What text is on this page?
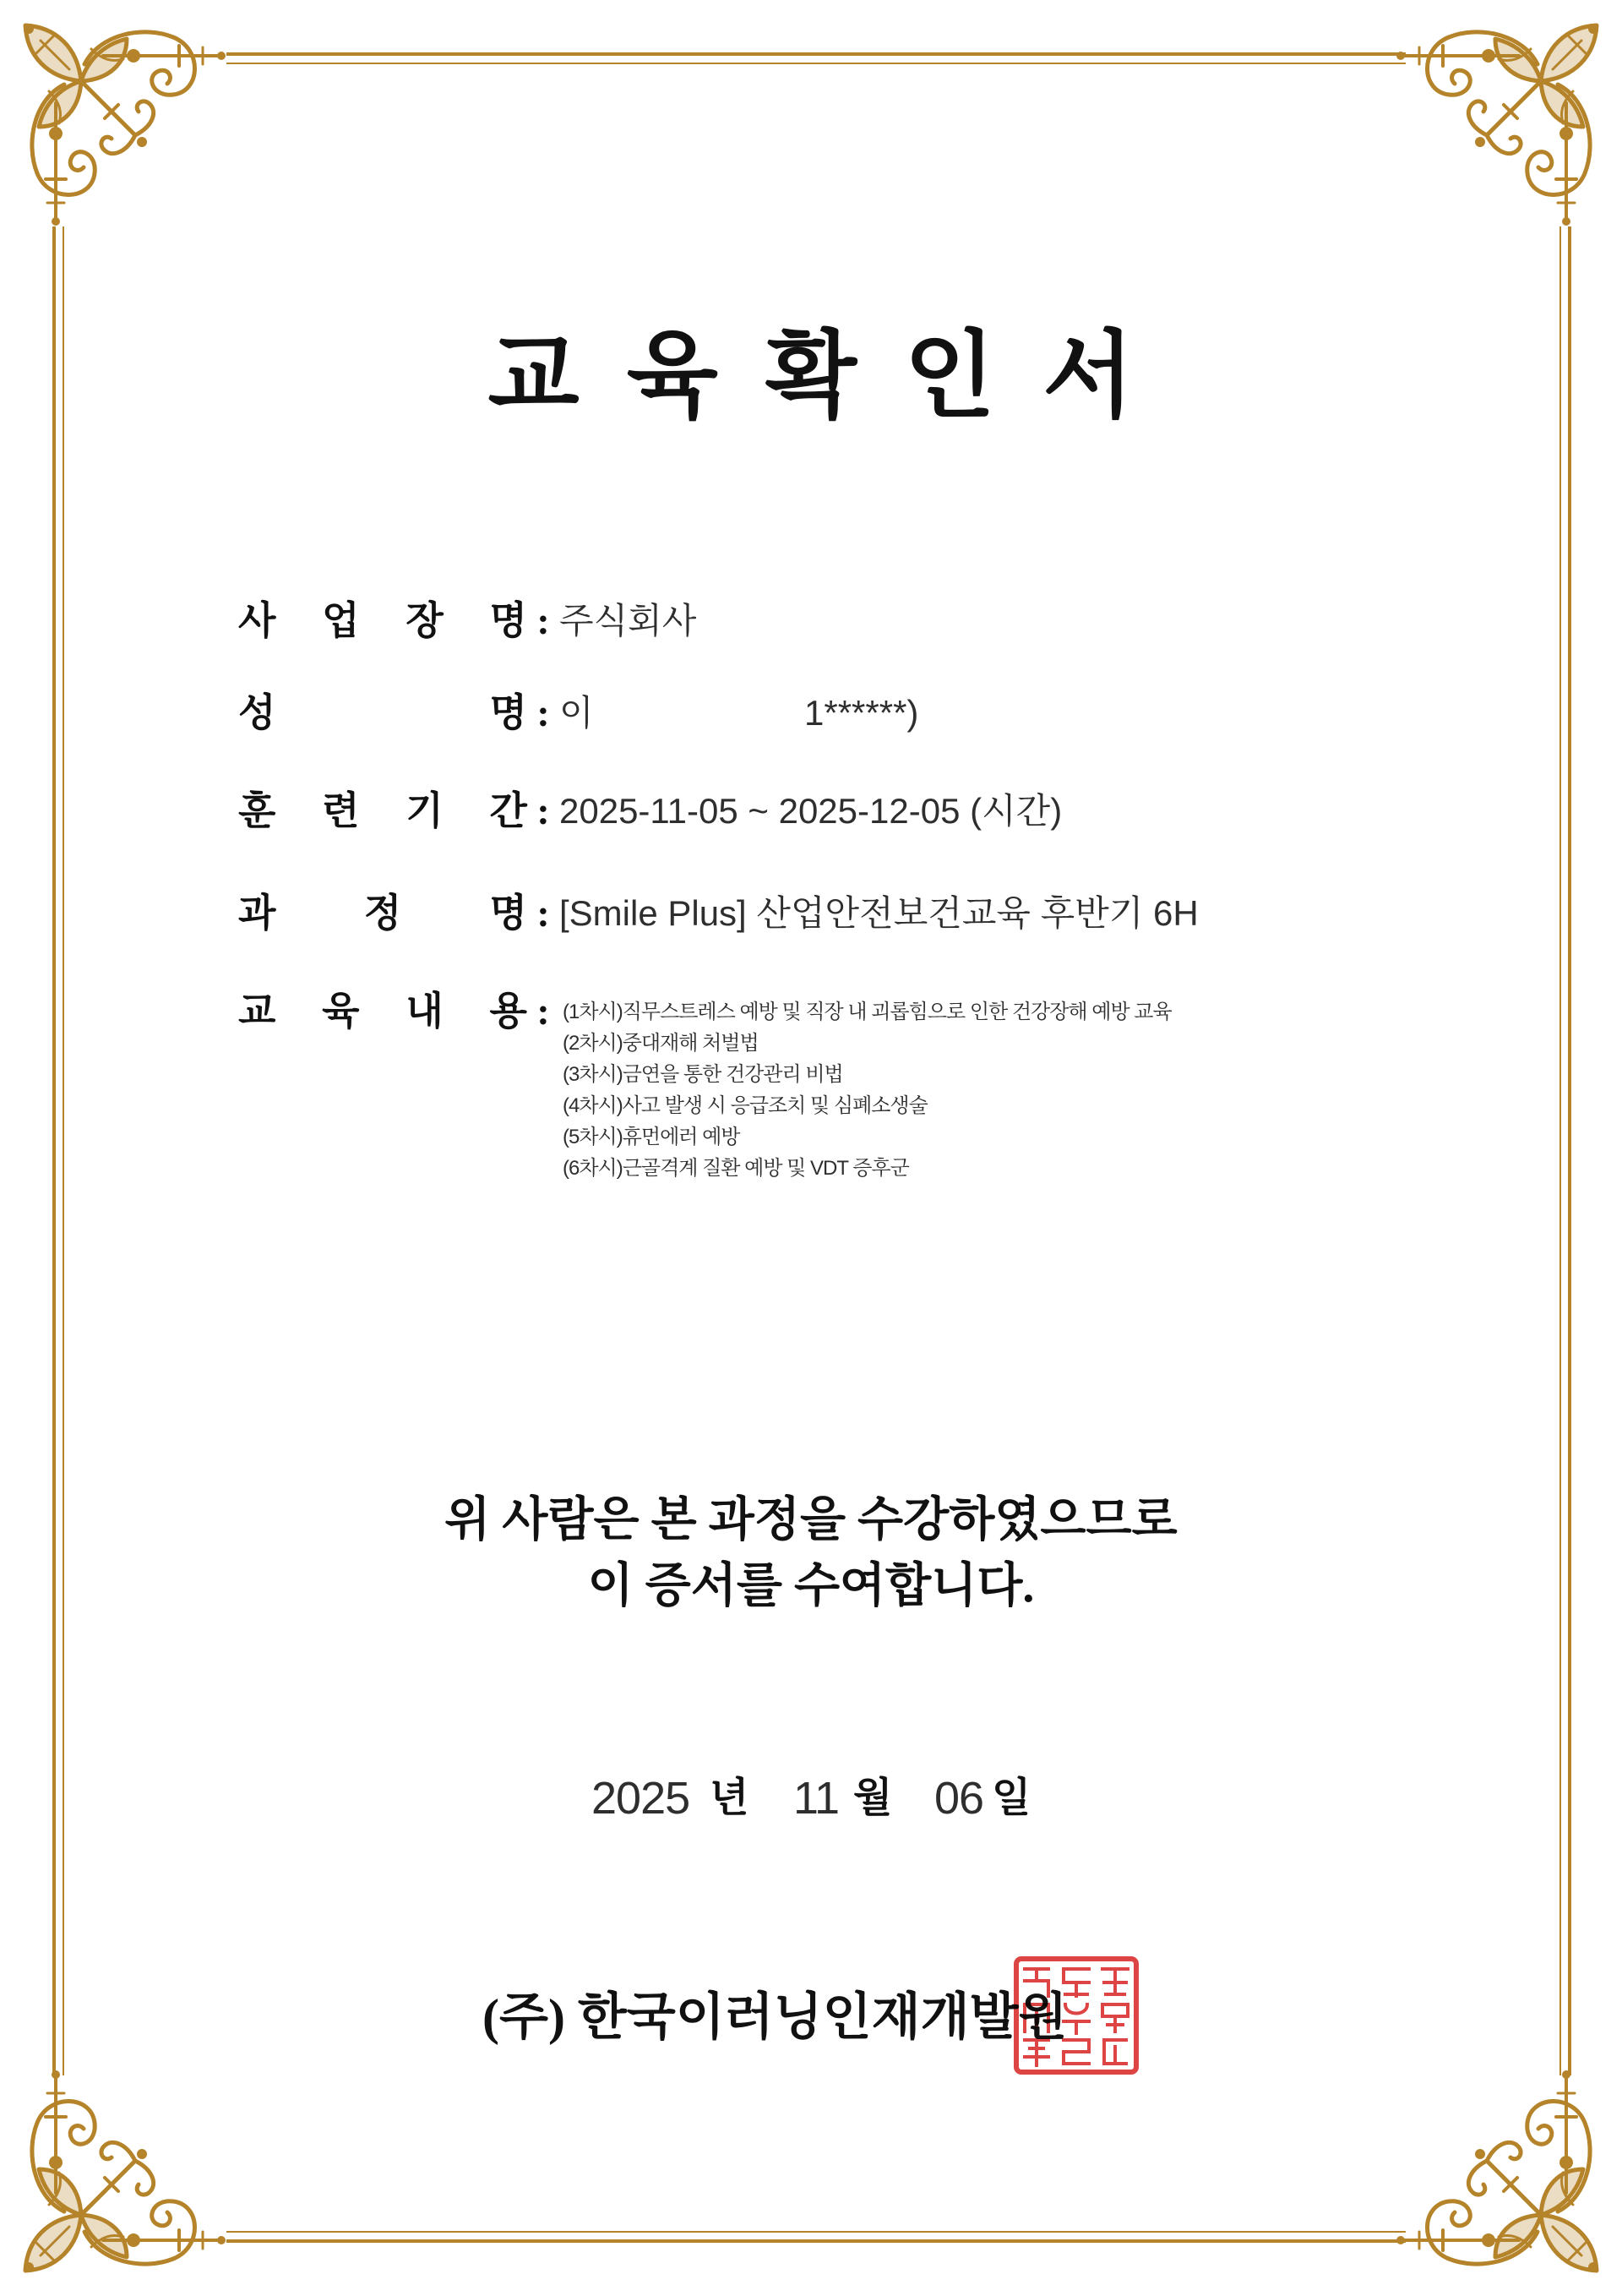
교 육 확 인 서
사 업 장 명 : 주식회사
성 명 : 이	1******)
훈 련 기 간 : 2025-11-05 ~ 2025-12-05 (시간)
과 정 명 : [Smile Plus] 산업안전보건교육 후반기 6H
교 육 내 용 : (1차시)직무스트레스 예방 및 직장 내 괴롭힘으로 인한 건강장해 예방 교육
(2차시)중대재해 처벌법
(3차시)금연을 통한 건강관리 비법
(4차시)사고 발생 시 응급조치 및 심폐소생술
(5차시)휴먼에러 예방
(6차시)근골격계 질환 예방 및 VDT 증후군
위 사람은 본 과정을 수강하였으므로
이 증서를 수여합니다.
2025 년 11 월 06 일
(주) 한국이러닝인재개발원
